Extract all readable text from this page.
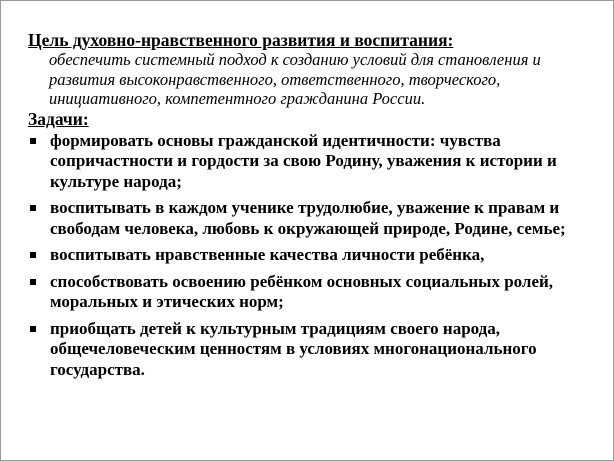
Цель духовно-нравственного развития и воспитания:

обеспечить системный подход к созданию условий для становления и развития высоконравственного, ответственного, творческого, инициативного, компетентного гражданина России.

Задачи:

формировать основы гражданской идентичности: чувства сопричастности и гордости за свою Родину, уважения к истории и культуре народа;
воспитывать в каждом ученике трудолюбие, уважение к правам и свободам человека, любовь к окружающей природе, Родине, семье;
воспитывать нравственные качества личности ребёнка,
способствовать освоению ребёнком основных социальных ролей, моральных и этических норм;
приобщать детей к культурным традициям своего народа, общечеловеческим ценностям в условиях многонационального государства.
